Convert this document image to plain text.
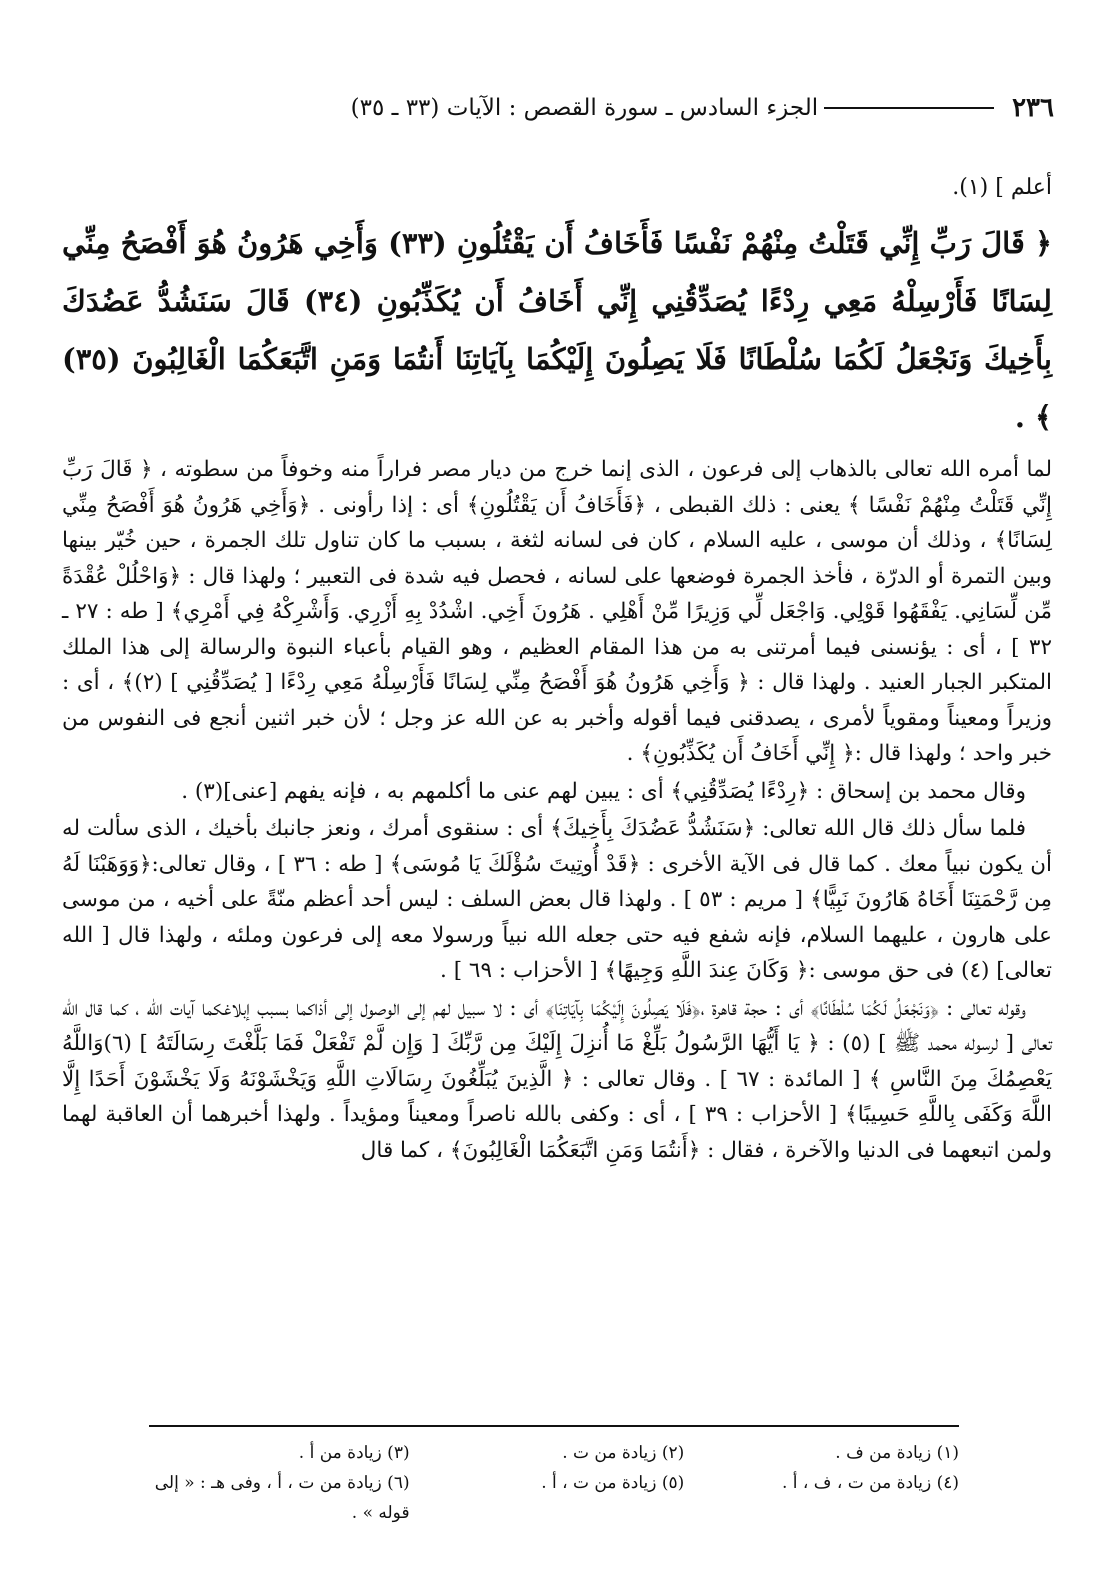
٢٣٦
الجزء السادس ـ سورة القصص : الآيات (٣٣ ـ ٣٥)

أعلم ] (١).

﴿ قَالَ رَبِّ إِنِّي قَتَلْتُ مِنْهُمْ نَفْسًا فَأَخَافُ أَن يَقْتُلُونِ (٣٣) وَأَخِي هَرُونُ هُوَ أَفْصَحُ مِنِّي لِسَانًا فَأَرْسِلْهُ مَعِي رِدْءًا يُصَدِّقُنِي إِنِّي أَخَافُ أَن يُكَذِّبُونِ (٣٤) قَالَ سَنَشُدُّ عَضُدَكَ بِأَخِيكَ وَنَجْعَلُ لَكُمَا سُلْطَانًا فَلَا يَصِلُونَ إِلَيْكُمَا بِآيَاتِنَا أَنتُمَا وَمَنِ اتَّبَعَكُمَا الْغَالِبُونَ (٣٥) ﴾ .

لما أمره الله تعالى بالذهاب إلى فرعون ، الذى إنما خرج من ديار مصر فراراً منه وخوفاً من سطوته ، ﴿ قَالَ رَبِّ إِنِّي قَتَلْتُ مِنْهُمْ نَفْسًا ﴾ يعنى : ذلك القبطى ، ﴿فَأَخَافُ أَن يَقْتُلُونِ﴾ أى : إذا رأونى . ﴿وَأَخِي هَرُونُ هُوَ أَفْصَحُ مِنِّي لِسَانًا﴾ ، وذلك أن موسى ، عليه السلام ، كان فى لسانه لثغة ، بسبب ما كان تناول تلك الجمرة ، حين خُيّر بينها وبين التمرة أو الدرّة ، فأخذ الجمرة فوضعها على لسانه ، فحصل فيه شدة فى التعبير ؛ ولهذا قال : ﴿وَاحْلُلْ عُقْدَةً مِّن لِّسَانِي. يَفْقَهُوا قَوْلِي. وَاجْعَل لِّي وَزِيرًا مِّنْ أَهْلِي . هَرُونَ أَخِي. اشْدُدْ بِهِ أَزْرِي. وَأَشْرِكْهُ فِي أَمْرِي﴾ [ طه : ٢٧ ـ ٣٢ ] ، أى : يؤنسنى فيما أمرتنى به من هذا المقام العظيم ، وهو القيام بأعباء النبوة والرسالة إلى هذا الملك المتكبر الجبار العنيد . ولهذا قال : ﴿ وَأَخِي هَرُونُ هُوَ أَفْصَحُ مِنِّي لِسَانًا فَأَرْسِلْهُ مَعِي رِدْءًا [ يُصَدِّقُنِي ] (٢)﴾ ، أى : وزيراً ومعيناً ومقوياً لأمرى ، يصدقنى فيما أقوله وأخبر به عن الله عز وجل ؛ لأن خبر اثنين أنجع فى النفوس من خبر واحد ؛ ولهذا قال :﴿ إِنِّي أَخَافُ أَن يُكَذِّبُونِ﴾ .

وقال محمد بن إسحاق : ﴿رِدْءًا يُصَدِّقُنِي﴾ أى : يبين لهم عنى ما أكلمهم به ، فإنه يفهم [عنى](٣) .

فلما سأل ذلك قال الله تعالى: ﴿سَنَشُدُّ عَضُدَكَ بِأَخِيكَ﴾ أى : سنقوى أمرك ، ونعز جانبك بأخيك ، الذى سألت له أن يكون نبياً معك . كما قال فى الآية الأخرى : ﴿قَدْ أُوتِيتَ سُؤْلَكَ يَا مُوسَى﴾ [ طه : ٣٦ ] ، وقال تعالى:﴿وَوَهَبْنَا لَهُ مِن رَّحْمَتِنَا أَخَاهُ هَارُونَ نَبِيًّا﴾ [ مريم : ٥٣ ] . ولهذا قال بعض السلف : ليس أحد أعظم منّةً على أخيه ، من موسى على هارون ، عليهما السلام، فإنه شفع فيه حتى جعله الله نبياً ورسولا معه إلى فرعون وملئه ، ولهذا قال [ الله تعالى] (٤) فى حق موسى :﴿ وَكَانَ عِندَ اللَّهِ وَجِيهًا﴾ [ الأحزاب : ٦٩ ] .

وقوله تعالى : ﴿وَنَجْعَلُ لَكُمَا سُلْطَانًا﴾ أى : حجة قاهرة ،﴿فَلَا يَصِلُونَ إِلَيْكُمَا بِآيَاتِنَا﴾ أى : لا سبيل لهم إلى الوصول إلى أذاكما بسبب إبلاغكما آيات الله ، كما قال الله تعالى [ لرسوله محمد ﷺ ] (٥) : ﴿ يَا أَيُّهَا الرَّسُولُ بَلِّغْ مَا أُنزِلَ إِلَيْكَ مِن رَّبِّكَ [ وَإِن لَّمْ تَفْعَلْ فَمَا بَلَّغْتَ رِسَالَتَهُ ] (٦)وَاللَّهُ يَعْصِمُكَ مِنَ النَّاسِ ﴾ [ المائدة : ٦٧ ] . وقال تعالى : ﴿ الَّذِينَ يُبَلِّغُونَ رِسَالَاتِ اللَّهِ وَيَخْشَوْنَهُ وَلَا يَخْشَوْنَ أَحَدًا إِلَّا اللَّهَ وَكَفَى بِاللَّهِ حَسِيبًا﴾ [ الأحزاب : ٣٩ ] ، أى : وكفى بالله ناصراً ومعيناً ومؤيداً . ولهذا أخبرهما أن العاقبة لهما ولمن اتبعهما فى الدنيا والآخرة ، فقال : ﴿أَنتُمَا وَمَنِ اتَّبَعَكُمَا الْغَالِبُونَ﴾ ، كما قال

(١) زيادة من ف .
(٢) زيادة من ت .
(٣) زيادة من أ .
(٤) زيادة من ت ، ف ، أ .
(٥) زيادة من ت ، أ .
(٦) زيادة من ت ، أ ، وفى هـ : « إلى قوله » .
